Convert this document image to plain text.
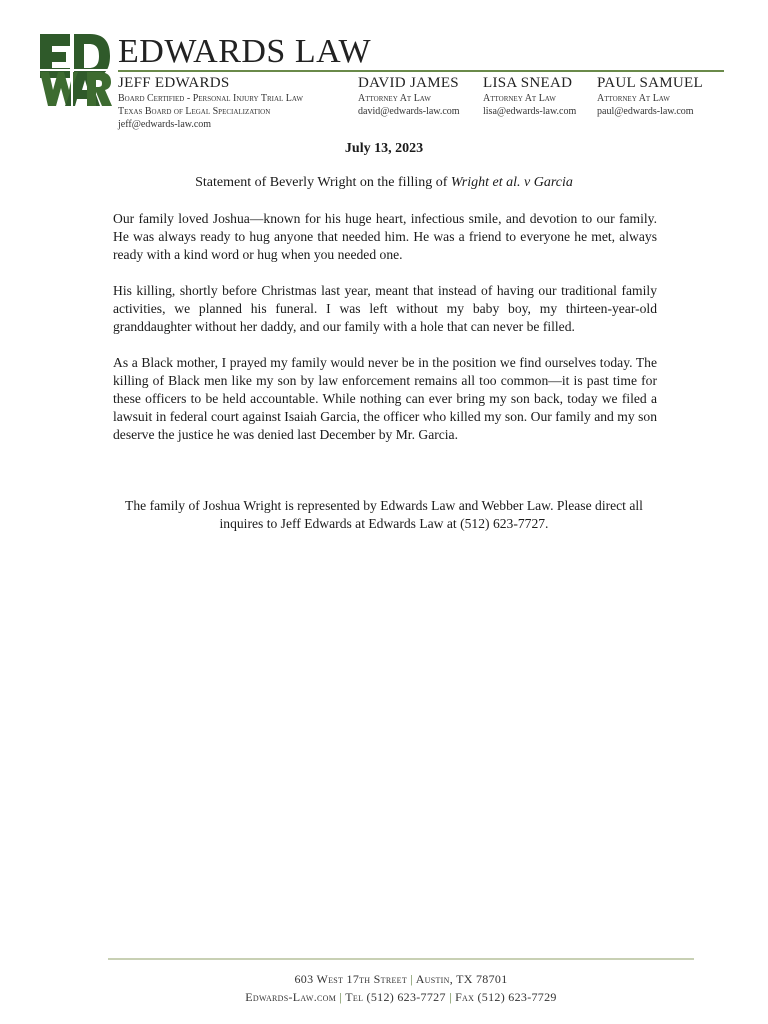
EDWARDS LAW
JEFF EDWARDS
Board Certified - Personal Injury Trial Law
Texas Board of Legal Specialization
jeff@edwards-law.com
DAVID JAMES
Attorney At Law
david@edwards-law.com
LISA SNEAD
Attorney At Law
lisa@edwards-law.com
PAUL SAMUEL
Attorney At Law
paul@edwards-law.com
July 13, 2023
Statement of Beverly Wright on the filling of Wright et al. v Garcia

Our family loved Joshua—known for his huge heart, infectious smile, and devotion to our family. He was always ready to hug anyone that needed him. He was a friend to everyone he met, always ready with a kind word or hug when you needed one.

His killing, shortly before Christmas last year, meant that instead of having our traditional family activities, we planned his funeral. I was left without my baby boy, my thirteen-year-old granddaughter without her daddy, and our family with a hole that can never be filled.

As a Black mother, I prayed my family would never be in the position we find ourselves today. The killing of Black men like my son by law enforcement remains all too common—it is past time for these officers to be held accountable. While nothing can ever bring my son back, today we filed a lawsuit in federal court against Isaiah Garcia, the officer who killed my son. Our family and my son deserve the justice he was denied last December by Mr. Garcia.

The family of Joshua Wright is represented by Edwards Law and Webber Law. Please direct all inquires to Jeff Edwards at Edwards Law at (512) 623-7727.
603 West 17th Street | Austin, TX 78701
Edwards-Law.com | Tel (512) 623-7727 | Fax (512) 623-7729
